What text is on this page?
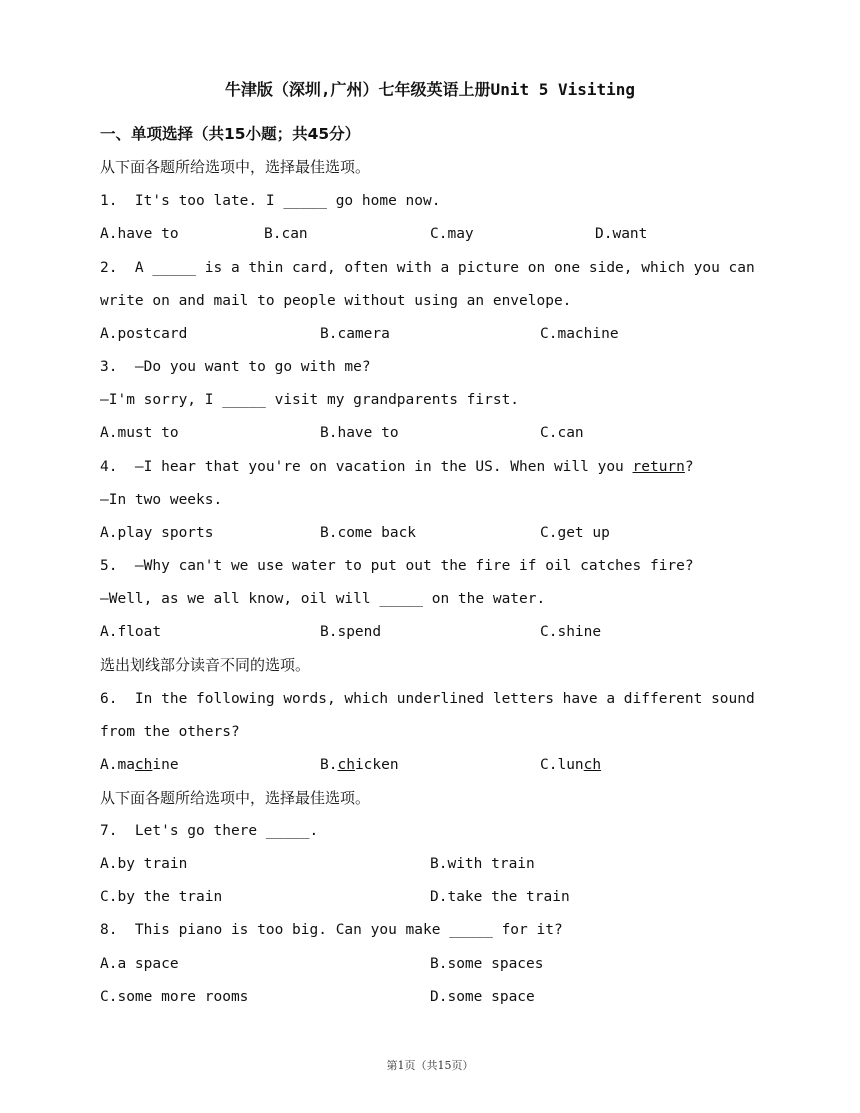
牛津版（深圳,广州）七年级英语上册Unit 5 Visiting
一、单项选择（共15小题；共45分）
从下面各题所给选项中，选择最佳选项。
1.  It's too late. I _____ go home now.
A.have to	B.can	C.may	D.want
2.  A _____ is a thin card, often with a picture on one side, which you can
write on and mail to people without using an envelope.
A.postcard	B.camera	C.machine
3.  —Do you want to go with me?
—I'm sorry, I _____ visit my grandparents first.
A.must to	B.have to	C.can
4.  —I hear that you're on vacation in the US. When will you return?
—In two weeks.
A.play sports	B.come back	C.get up
5.  —Why can't we use water to put out the fire if oil catches fire?
—Well, as we all know, oil will _____ on the water.
A.float	B.spend	C.shine
选出划线部分读音不同的选项。
6.  In the following words, which underlined letters have a different sound
from the others?
A.machine	B.chicken	C.lunch
从下面各题所给选项中，选择最佳选项。
7.  Let's go there _____.
A.by train	B.with train
C.by the train	D.take the train
8.  This piano is too big. Can you make _____ for it?
A.a space	B.some spaces
C.some more rooms	D.some space
第1页（共15页）
